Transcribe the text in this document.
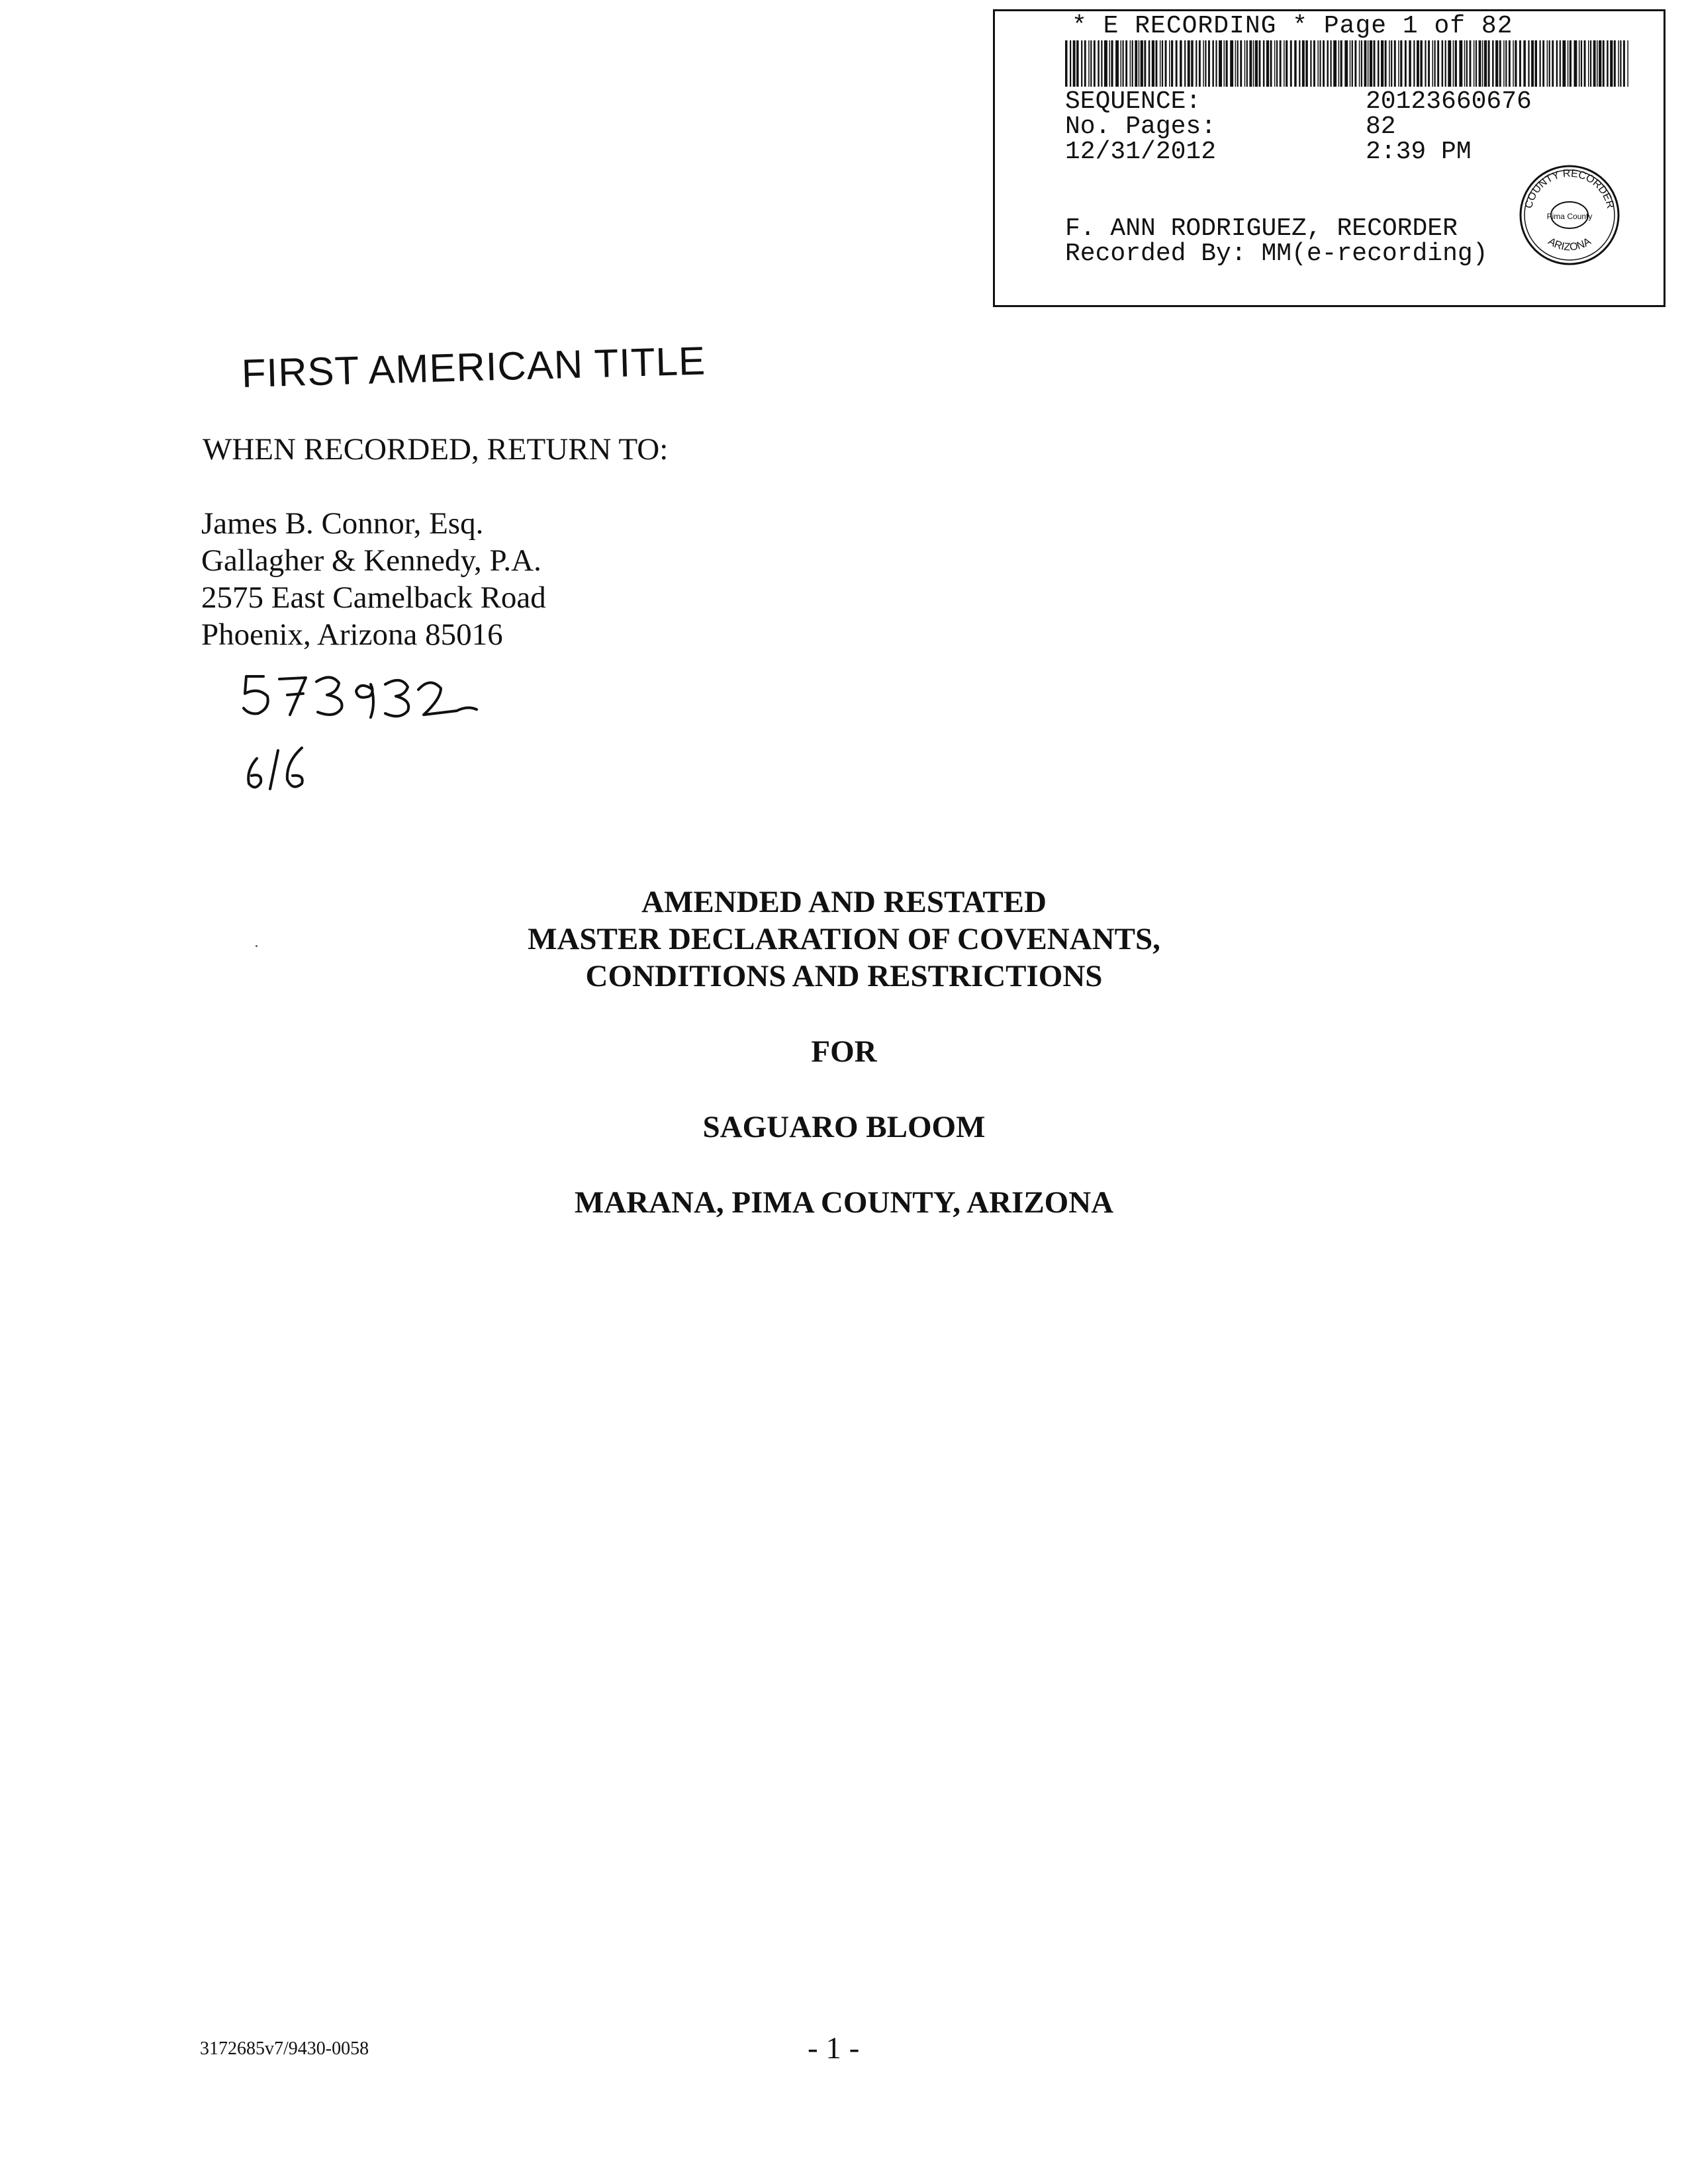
* E RECORDING * Page 1 of 82
SEQUENCE:	20123660676
No. Pages:	82
12/31/2012	2:39 PM
F. ANN RODRIGUEZ, RECORDER
Recorded By: MM(e-recording)
COUNTY RECORDER
Pima County
ARIZONA
FIRST AMERICAN TITLE
WHEN RECORDED, RETURN TO:
James B. Connor, Esq.
Gallagher & Kennedy, P.A.
2575 East Camelback Road
Phoenix, Arizona 85016
AMENDED AND RESTATED
MASTER DECLARATION OF COVENANTS,
CONDITIONS AND RESTRICTIONS
FOR
SAGUARO BLOOM
MARANA, PIMA COUNTY, ARIZONA
3172685v7/9430-0058	- 1 -
